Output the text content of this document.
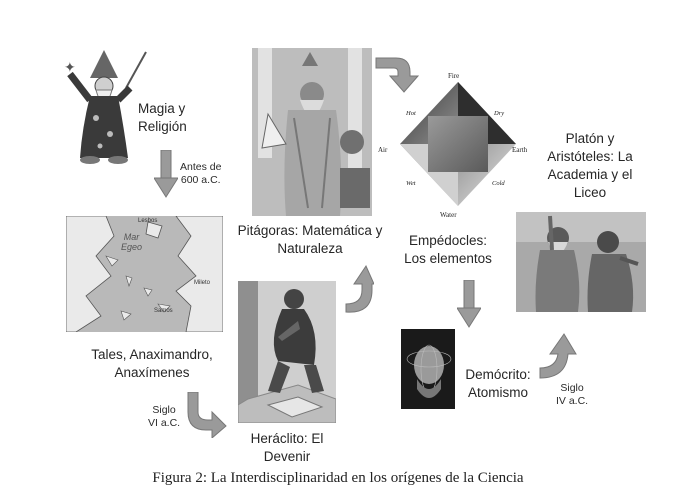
✦
Magia y
Religión
Antes de
600 a.C.
Mar
Egeo
Lesbos
Mileto
Samos
Tales, Anaximandro,
Anaxímenes
Siglo
VI a.C.
Pitágoras: Matemática y
Naturaleza
Heráclito: El
Devenir
Fire
Air	Earth
Water
Hot	Dry
Wet	Cold
Empédocles:
Los elementos
Demócrito:
Atomismo	Siglo
IV a.C.
Platón y
Aristóteles: La
Academia y el
Liceo
Figura 2: La Interdisciplinaridad en los orígenes de la Ciencia
